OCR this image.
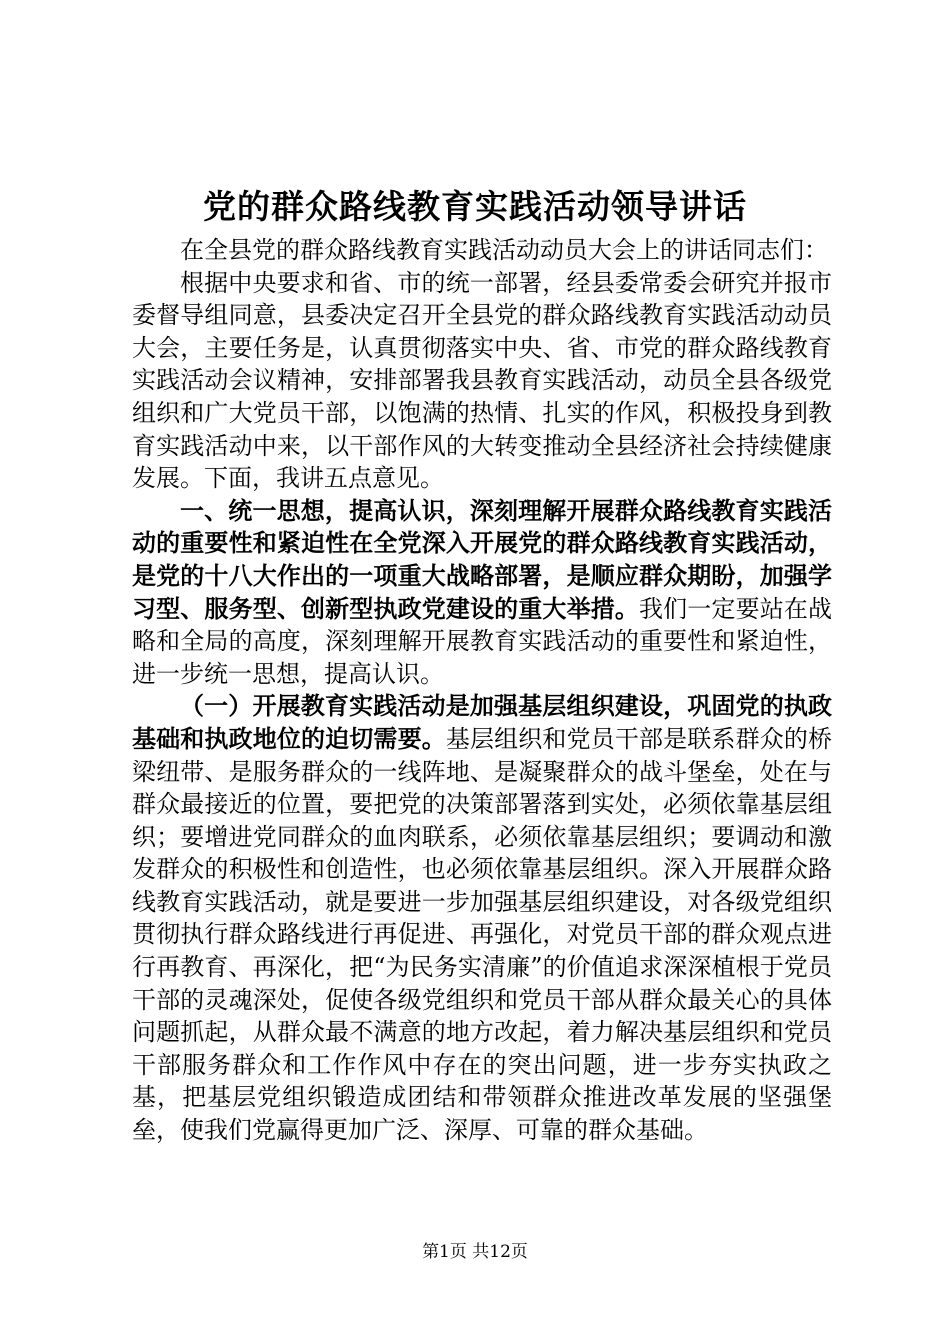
党的群众路线教育实践活动领导讲话

在全县党的群众路线教育实践活动动员大会上的讲话同志们：

根据中央要求和省、市的统一部署，经县委常委会研究并报市委督导组同意，县委决定召开全县党的群众路线教育实践活动动员大会，主要任务是，认真贯彻落实中央、省、市党的群众路线教育实践活动会议精神，安排部署我县教育实践活动，动员全县各级党组织和广大党员干部，以饱满的热情、扎实的作风，积极投身到教育实践活动中来，以干部作风的大转变推动全县经济社会持续健康发展。下面，我讲五点意见。

一、统一思想，提高认识，深刻理解开展群众路线教育实践活动的重要性和紧迫性在全党深入开展党的群众路线教育实践活动，是党的十八大作出的一项重大战略部署，是顺应群众期盼，加强学习型、服务型、创新型执政党建设的重大举措。我们一定要站在战略和全局的高度，深刻理解开展教育实践活动的重要性和紧迫性，进一步统一思想，提高认识。

（一）开展教育实践活动是加强基层组织建设，巩固党的执政基础和执政地位的迫切需要。基层组织和党员干部是联系群众的桥梁纽带、是服务群众的一线阵地、是凝聚群众的战斗堡垒，处在与群众最接近的位置，要把党的决策部署落到实处，必须依靠基层组织；要增进党同群众的血肉联系，必须依靠基层组织；要调动和激发群众的积极性和创造性，也必须依靠基层组织。深入开展群众路线教育实践活动，就是要进一步加强基层组织建设，对各级党组织贯彻执行群众路线进行再促进、再强化，对党员干部的群众观点进行再教育、再深化，把“为民务实清廉”的价值追求深深植根于党员干部的灵魂深处，促使各级党组织和党员干部从群众最关心的具体问题抓起，从群众最不满意的地方改起，着力解决基层组织和党员干部服务群众和工作作风中存在的突出问题，进一步夯实执政之基，把基层党组织锻造成团结和带领群众推进改革发展的坚强堡垒，使我们党赢得更加广泛、深厚、可靠的群众基础。

第1页 共12页
